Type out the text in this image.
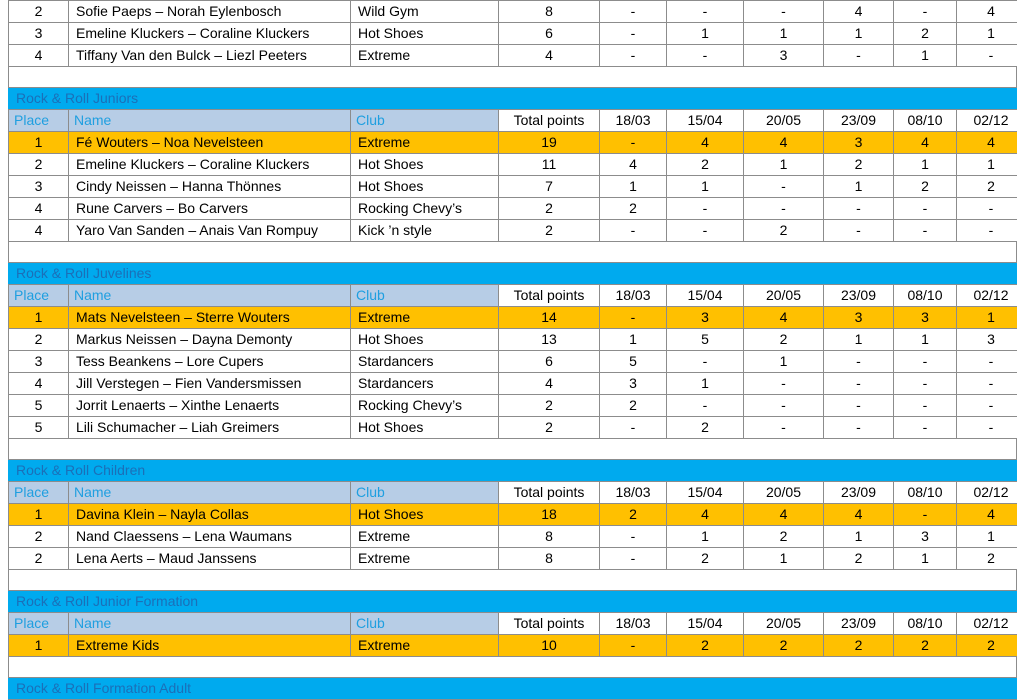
2	Sofie Paeps – Norah Eylenbosch	Wild Gym	8	-	-	-	4	-	4
3	Emeline Kluckers – Coraline Kluckers	Hot Shoes	6	-	1	1	1	2	1
4	Tiffany Van den Bulck – Liezl Peeters	Extreme	4	-	-	3	-	1	-
Rock & Roll Juniors
Place	Name	Club	Total points	18/03	15/04	20/05	23/09	08/10	02/12
1	Fé Wouters – Noa Nevelsteen	Extreme	19	-	4	4	3	4	4
2	Emeline Kluckers – Coraline Kluckers	Hot Shoes	11	4	2	1	2	1	1
3	Cindy Neissen – Hanna Thönnes	Hot Shoes	7	1	1	-	1	2	2
4	Rune Carvers – Bo Carvers	Rocking Chevy’s	2	2	-	-	-	-	-
4	Yaro Van Sanden – Anais Van Rompuy	Kick ’n style	2	-	-	2	-	-	-
Rock & Roll Juvelines
Place	Name	Club	Total points	18/03	15/04	20/05	23/09	08/10	02/12
1	Mats Nevelsteen – Sterre Wouters	Extreme	14	-	3	4	3	3	1
2	Markus Neissen – Dayna Demonty	Hot Shoes	13	1	5	2	1	1	3
3	Tess Beankens – Lore Cupers	Stardancers	6	5	-	1	-	-	-
4	Jill Verstegen – Fien Vandersmissen	Stardancers	4	3	1	-	-	-	-
5	Jorrit Lenaerts – Xinthe Lenaerts	Rocking Chevy’s	2	2	-	-	-	-	-
5	Lili Schumacher – Liah Greimers	Hot Shoes	2	-	2	-	-	-	-
Rock & Roll Children
Place	Name	Club	Total points	18/03	15/04	20/05	23/09	08/10	02/12
1	Davina Klein – Nayla Collas	Hot Shoes	18	2	4	4	4	-	4
2	Nand Claessens – Lena Waumans	Extreme	8	-	1	2	1	3	1
2	Lena Aerts – Maud Janssens	Extreme	8	-	2	1	2	1	2
Rock & Roll Junior Formation
Place	Name	Club	Total points	18/03	15/04	20/05	23/09	08/10	02/12
1	Extreme Kids	Extreme	10	-	2	2	2	2	2
Rock & Roll Formation Adult
